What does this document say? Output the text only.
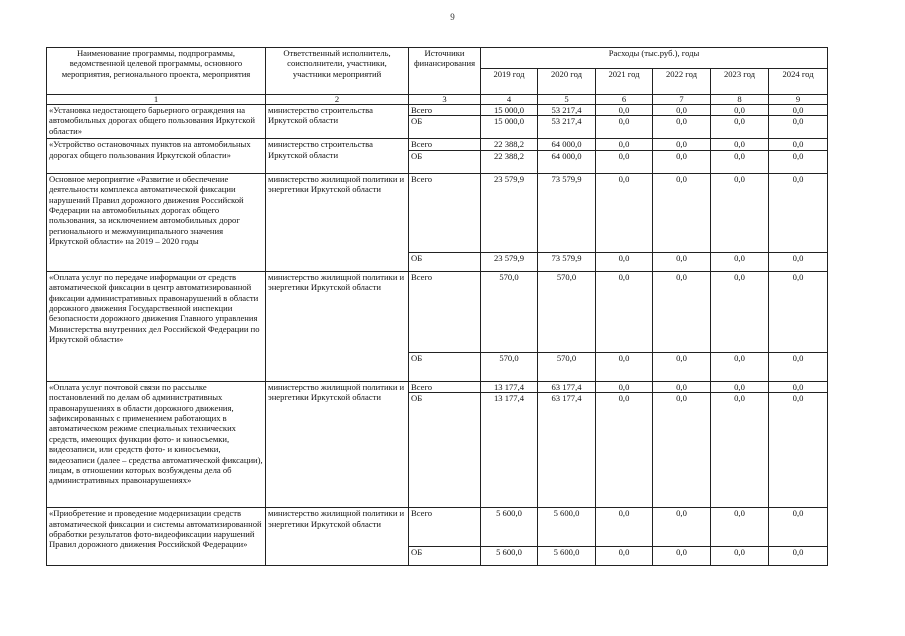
9
Наименование программы, подпрограммы, ведомственной целевой программы, основного мероприятия, регионального проекта, мероприятия	Ответственный исполнитель, соисполнители, участники, участники мероприятий	Источники финансирования	Расходы (тыс.руб.), годы					
			2019 год	2020 год	2021 год	2022 год	2023 год	2024 год
1	2	3	4	5	6	7	8	9
«Установка недостающего барьерного ограждения на автомобильных дорогах общего пользования Иркутской области»	министерство строительства Иркутской области	Всего	15 000,0	53 217,4	0,0	0,0	0,0	0,0
		ОБ	15 000,0	53 217,4	0,0	0,0	0,0	0,0
«Устройство остановочных пунктов на автомобильных дорогах общего пользования Иркутской области»	министерство строительства Иркутской области	Всего	22 388,2	64 000,0	0,0	0,0	0,0	0,0
		ОБ	22 388,2	64 000,0	0,0	0,0	0,0	0,0
Основное мероприятие «Развитие и обеспечение деятельности комплекса автоматической фиксации нарушений Правил дорожного движения Российской Федерации на автомобильных дорогах общего пользования, за исключением автомобильных дорог регионального и межмуниципального значения Иркутской области» на 2019 – 2020 годы	министерство жилищной политики и энергетики Иркутской области	Всего	23 579,9	73 579,9	0,0	0,0	0,0	0,0
		ОБ	23 579,9	73 579,9	0,0	0,0	0,0	0,0
«Оплата услуг по передаче информации от средств автоматической фиксации в центр автоматизированной фиксации административных правонарушений в области дорожного движения Государственной инспекции безопасности дорожного движения Главного управления Министерства внутренних дел Российской Федерации по Иркутской области»	министерство жилищной политики и энергетики Иркутской области	Всего	570,0	570,0	0,0	0,0	0,0	0,0
		ОБ	570,0	570,0	0,0	0,0	0,0	0,0
«Оплата услуг почтовой связи по рассылке постановлений по делам об административных правонарушениях в области дорожного движения, зафиксированных с применением работающих в автоматическом режиме специальных технических средств, имеющих функции фото- и киносъемки, видеозаписи, или средств фото- и киносъемки, видеозаписи (далее – средства автоматической фиксации), лицам, в отношении которых возбуждены дела об административных правонарушениях»	министерство жилищной политики и энергетики Иркутской области	Всего	13 177,4	63 177,4	0,0	0,0	0,0	0,0
		ОБ	13 177,4	63 177,4	0,0	0,0	0,0	0,0
«Приобретение и проведение модернизации средств автоматической фиксации и системы автоматизированной обработки результатов фото-видеофиксации нарушений Правил дорожного движения Российской Федерации»	министерство жилищной политики и энергетики Иркутской области	Всего	5 600,0	5 600,0	0,0	0,0	0,0	0,0
		ОБ	5 600,0	5 600,0	0,0	0,0	0,0	0,0
